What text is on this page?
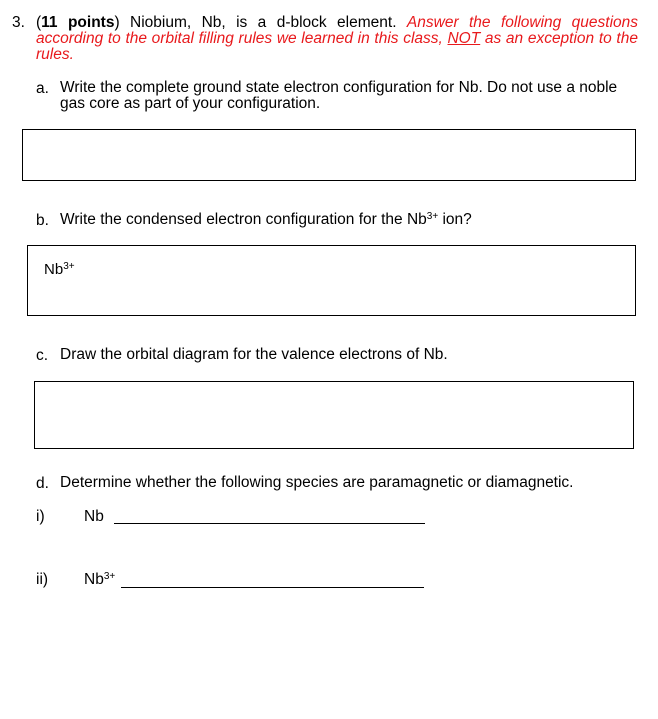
3. (11 points) Niobium, Nb, is a d-block element. Answer the following questions according to the orbital filling rules we learned in this class, NOT as an exception to the rules.
a. Write the complete ground state electron configuration for Nb. Do not use a noble
gas core as part of your configuration.
b. Write the condensed electron configuration for the $Nb^{3+}$ ion?
$Nb^{3+}$
c. Draw the orbital diagram for the valence electrons of Nb.
d. Determine whether the following species are paramagnetic or diamagnetic.
i)	Nb
ii) $Nb^{3+}$
